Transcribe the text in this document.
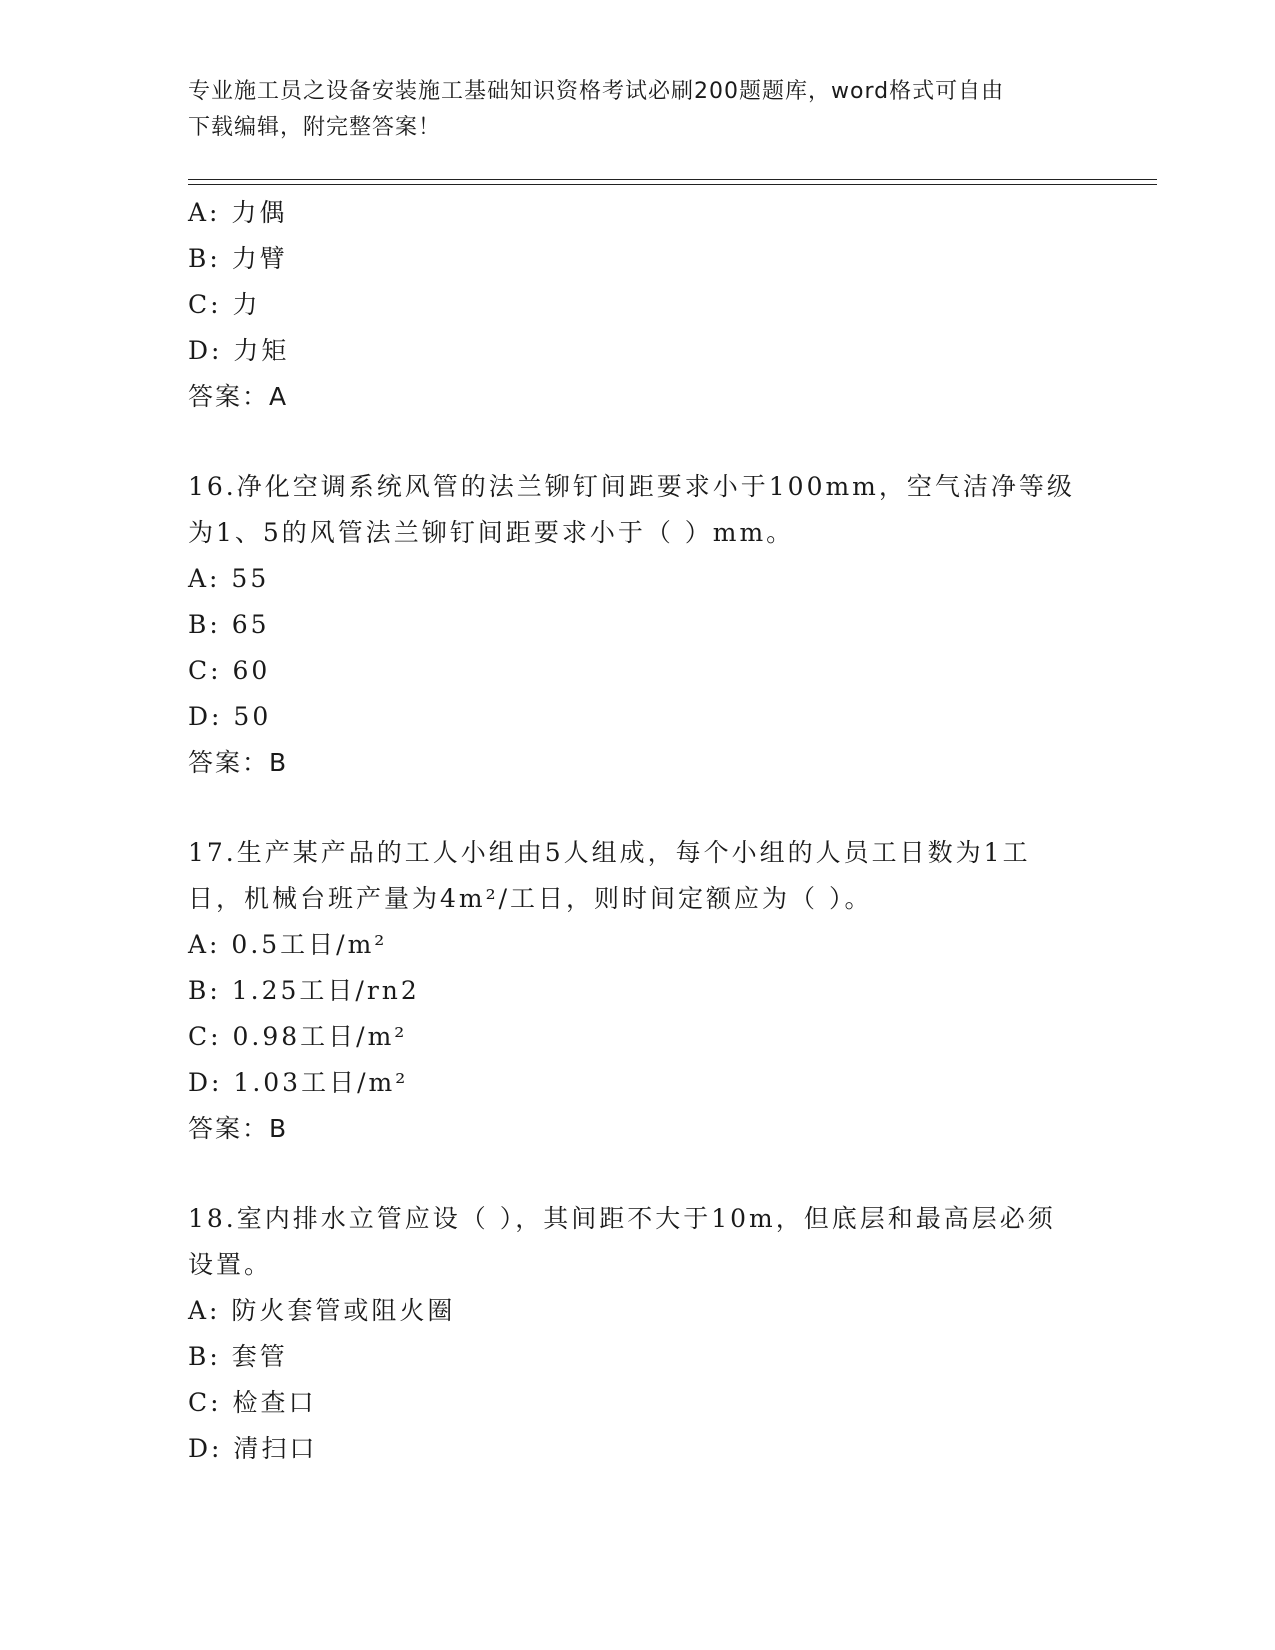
专业施工员之设备安装施工基础知识资格考试必刷200题题库，word格式可自由
下载编辑，附完整答案！
A: 力偶
B: 力臂
C: 力
D: 力矩
答案：A
16.净化空调系统风管的法兰铆钉间距要求小于100mm，空气洁净等级
为1、5的风管法兰铆钉间距要求小于（ ）mm。
A: 55
B: 65
C: 60
D: 50
答案：B
17.生产某产品的工人小组由5人组成，每个小组的人员工日数为1工
日，机械台班产量为4m²/工日，则时间定额应为（ ）。
A: 0.5工日/m²
B: 1.25工日/rn2
C: 0.98工日/m²
D: 1.03工日/m²
答案：B
18.室内排水立管应设（ ），其间距不大于10m，但底层和最高层必须
设置。
A: 防火套管或阻火圈
B: 套管
C: 检查口
D: 清扫口
